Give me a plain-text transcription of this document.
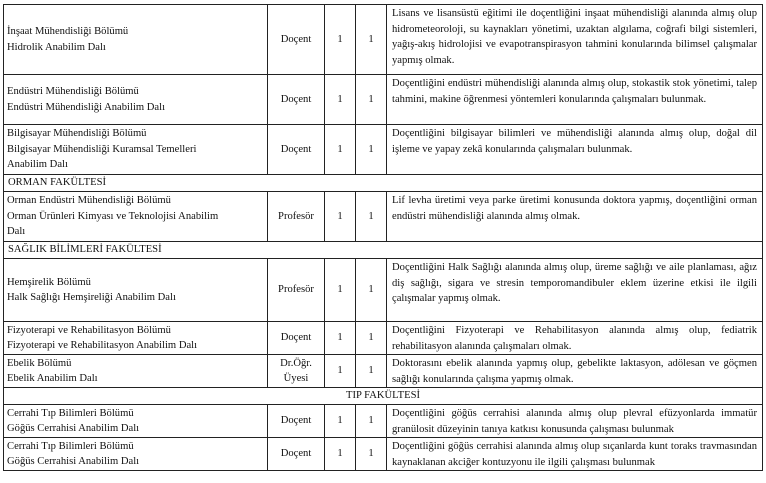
İnşaat Mühendisliği Bölümü
Hidrolik Anabilim Dalı	Doçent	1	1	Lisans ve lisansüstü eğitimi ile doçentliğini inşaat mühendisliği alanında almış olup hidrometeoroloji, su kaynakları yönetimi, uzaktan algılama, coğrafi bilgi sistemleri, yağış-akış hidrolojisi ve evapotranspirasyon tahmini konularında bilimsel çalışmalar yapmış olmak.

Endüstri Mühendisliği Bölümü
Endüstri Mühendisliği Anabilim Dalı	Doçent	1	1	Doçentliğini endüstri mühendisliği alanında almış olup, stokastik stok yönetimi, talep tahmini, makine öğrenmesi yöntemleri konularında çalışmaları bulunmak.

Bilgisayar Mühendisliği Bölümü
Bilgisayar Mühendisliği Kuramsal Temelleri
Anabilim Dalı	Doçent	1	1	Doçentliğini bilgisayar bilimleri ve mühendisliği alanında almış olup, doğal dil işleme ve yapay zekâ konularında çalışmaları bulunmak.
ORMAN FAKÜLTESİ				

Orman Endüstri Mühendisliği Bölümü
Orman Ürünleri Kimyası ve Teknolojisi Anabilim
Dalı	Profesör	1	1	Lif levha üretimi veya parke üretimi konusunda doktora yapmış, doçentliğini orman endüstri mühendisliği alanında almış olmak.
SAĞLIK BİLİMLERİ FAKÜLTESİ				

Hemşirelik Bölümü
Halk Sağlığı Hemşireliği Anabilim Dalı	Profesör	1	1	Doçentliğini Halk Sağlığı alanında almış olup, üreme sağlığı ve aile planlaması, ağız diş sağlığı, sigara ve stresin temporomandibuler eklem üzerine etkisi ile ilgili çalışmalar yapmış olmak.

Fizyoterapi ve Rehabilitasyon Bölümü
Fizyoterapi ve Rehabilitasyon Anabilim Dalı	Doçent	1	1	Doçentliğini Fizyoterapi ve Rehabilitasyon alanında almış olup, fediatrik rehabilitasyon alanında çalışmaları olmak.

Ebelik Bölümü
Ebelik Anabilim Dalı	Dr.Öğr. Üyesi	1	1	Doktorasını ebelik alanında yapmış olup, gebelikte laktasyon, adölesan ve göçmen sağlığı konularında çalışma yapmış olmak.
TIP FAKÜLTESİ				

Cerrahi Tıp Bilimleri Bölümü
Göğüs Cerrahisi Anabilim Dalı	Doçent	1	1	Doçentliğini göğüs cerrahisi alanında almış olup plevral efüzyonlarda immatür granülosit düzeyinin tanıya katkısı konusunda çalışması bulunmak

Cerrahi Tıp Bilimleri Bölümü
Göğüs Cerrahisi Anabilim Dalı	Doçent	1	1	Doçentliğini göğüs cerrahisi alanında almış olup sıçanlarda kunt toraks travmasından kaynaklanan akciğer kontuzyonu ile ilgili çalışması bulunmak
